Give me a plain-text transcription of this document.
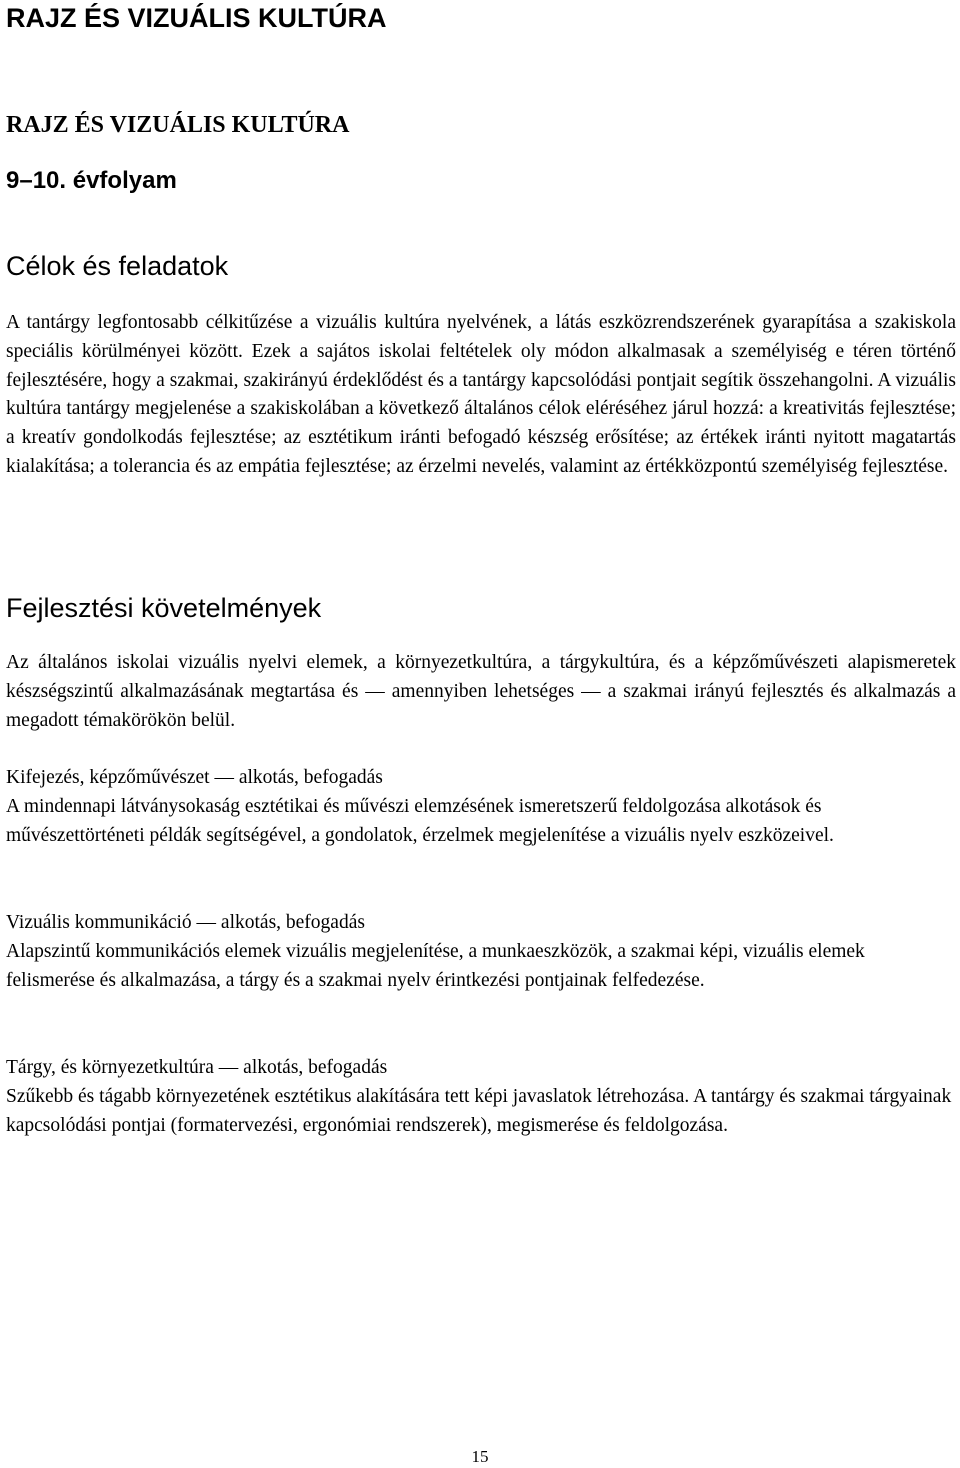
RAJZ ÉS VIZUÁLIS KULTÚRA
RAJZ ÉS VIZUÁLIS KULTÚRA
9–10. évfolyam
Célok és feladatok

A tantárgy legfontosabb célkitűzése a vizuális kultúra nyelvének, a látás eszközrendszerének gyarapítása a szakiskola speciális körülményei között. Ezek a sajátos iskolai feltételek oly módon alkalmasak a személyiség e téren történő fejlesztésére, hogy a szakmai, szakirányú érdeklődést és a tantárgy kapcsolódási pontjait segítik összehangolni. A vizuális kultúra tantárgy megjelenése a szakiskolában a következő általános célok eléréséhez járul hozzá: a kreativitás fejlesztése; a kreatív gondolkodás fejlesztése; az esztétikum iránti befogadó készség erősítése; az értékek iránti nyitott magatartás kialakítása; a tolerancia és az empátia fejlesztése; az érzelmi nevelés, valamint az értékközpontú személyiség fejlesztése.

Fejlesztési követelmények

Az általános iskolai vizuális nyelvi elemek, a környezetkultúra, a tárgykultúra, és a képzőművészeti alapismeretek készségszintű alkalmazásának megtartása és — amennyiben lehetséges — a szakmai irányú fejlesztés és alkalmazás a megadott témakörökön belül.

Kifejezés, képzőművészet — alkotás, befogadás

A mindennapi látványsokaság esztétikai és művészi elemzésének ismeretszerű feldolgozása alkotások és művészettörténeti példák segítségével, a gondolatok, érzelmek megjelenítése a vizuális nyelv eszközeivel.

Vizuális kommunikáció — alkotás, befogadás

Alapszintű kommunikációs elemek vizuális megjelenítése, a munkaeszközök, a szakmai képi, vizuális elemek felismerése és alkalmazása, a tárgy és a szakmai nyelv érintkezési pontjainak felfedezése.

Tárgy, és környezetkultúra — alkotás, befogadás

Szűkebb és tágabb környezetének esztétikus alakítására tett képi javaslatok létrehozása. A tantárgy és szakmai tárgyainak kapcsolódási pontjai (formatervezési, ergonómiai rendszerek), megismerése és feldolgozása.

15
